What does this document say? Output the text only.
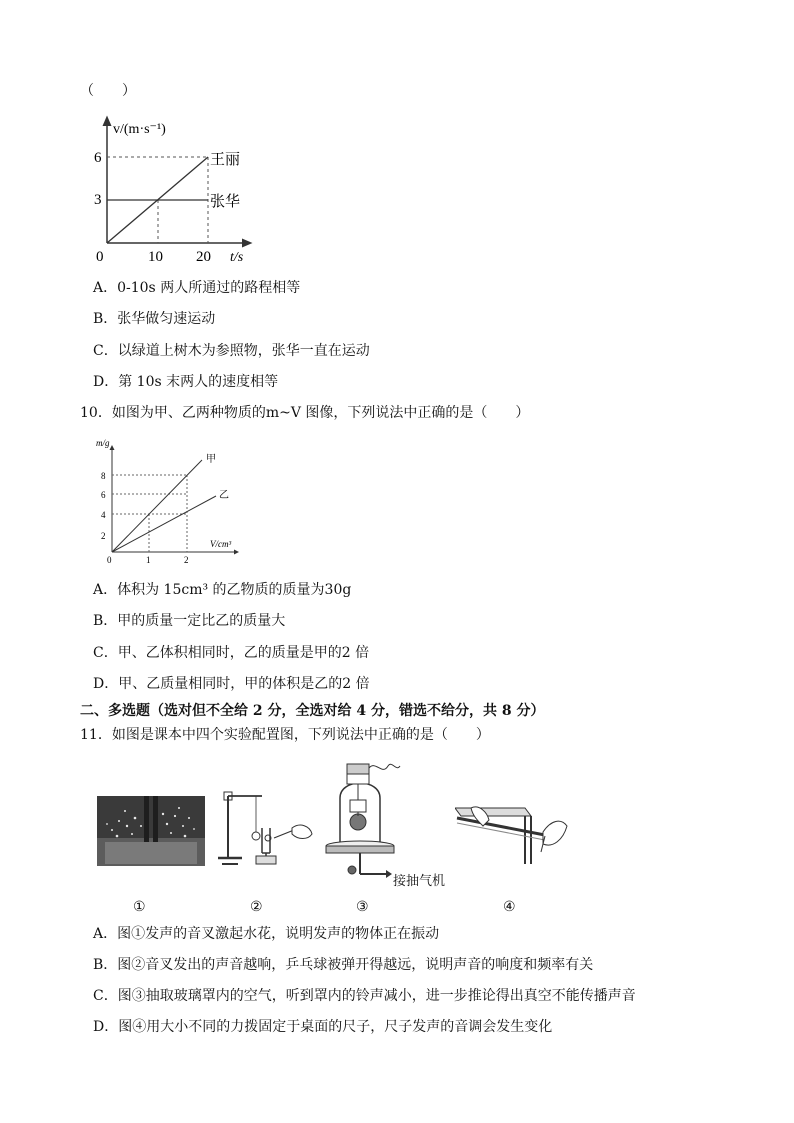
（　　）
v/(m·s⁻¹)
6
3
0	10 20 t/s
王丽
张华
A．0-10s 两人所通过的路程相等
B．张华做匀速运动
C．以绿道上树木为参照物，张华一直在运动
D．第 10s 末两人的速度相等
10．如图为甲、乙两种物质的m~V 图像，下列说法中正确的是（　　）
m/g
V/cm³
8
6
4
2
0	1	2
甲
乙
A．体积为 15cm³ 的乙物质的质量为30g
B．甲的质量一定比乙的质量大
C．甲、乙体积相同时，乙的质量是甲的2 倍
D．甲、乙质量相同时，甲的体积是乙的2 倍
二、多选题（选对但不全给 2 分，全选对给 4 分，错选不给分，共 8 分）
11．如图是课本中四个实验配置图，下列说法中正确的是（　　）
接抽气机
①	②	③	④
A．图①发声的音叉激起水花，说明发声的物体正在振动
B．图②音叉发出的声音越响，乒乓球被弹开得越远，说明声音的响度和频率有关
C．图③抽取玻璃罩内的空气，听到罩内的铃声减小，进一步推论得出真空不能传播声音
D．图④用大小不同的力拨固定于桌面的尺子，尺子发声的音调会发生变化
